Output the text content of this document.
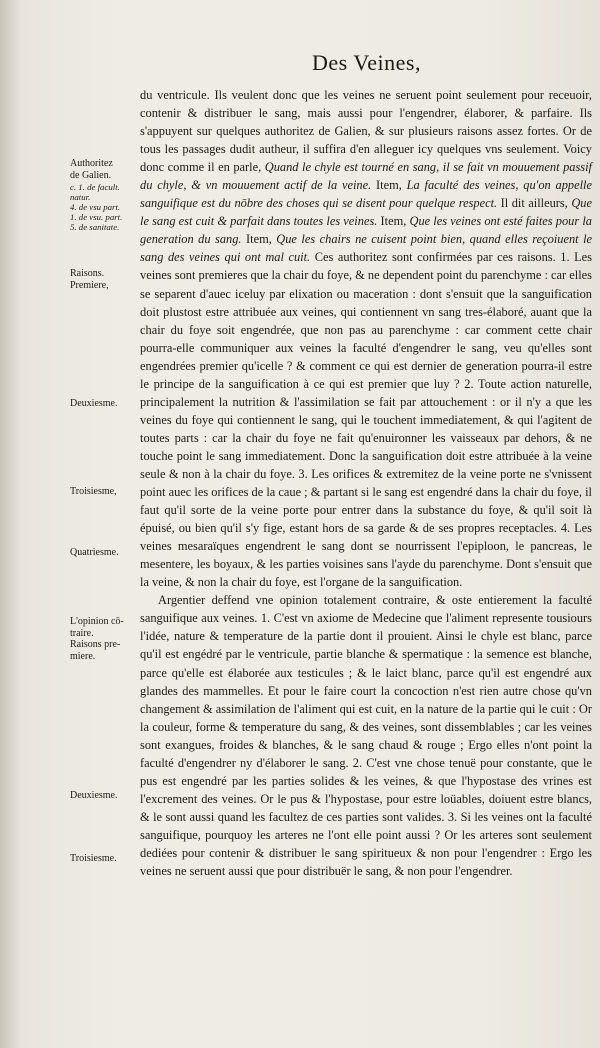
Des Veines,
Authoritez
de Galien.
c. 1. de facult.
natur.
4. de vsu part.
1. de vsu. part.
5. de sanitate.
Raisons.
Premiere,
Deuxiesme.
Troisiesme,
Quatriesme.
L'opinion cō-
traire.
Raisons pre-
miere.
Deuxiesme.
Troisiesme.

du ventricule. Ils veulent donc que les veines ne seruent point seulement pour receuoir, contenir & distribuer le sang, mais aussi pour l'engendrer, élaborer, & parfaire. Ils s'appuyent sur quelques authoritez de Galien, & sur plusieurs raisons assez fortes. Or de tous les passages dudit autheur, il suffira d'en alleguer icy quelques vns seulement. Voicy donc comme il en parle, Quand le chyle est tourné en sang, il se fait vn mouuement passif du chyle, & vn mouuement actif de la veine. Item, La faculté des veines, qu'on appelle sanguifique est du nōbre des choses qui se disent pour quelque respect. Il dit ailleurs, Que le sang est cuit & parfait dans toutes les veines. Item, Que les veines ont esté faites pour la generation du sang. Item, Que les chairs ne cuisent point bien, quand elles reçoiuent le sang des veines qui ont mal cuit. Ces authoritez sont confirmées par ces raisons. 1. Les veines sont premieres que la chair du foye, & ne dependent point du parenchyme : car elles se separent d'auec iceluy par elixation ou maceration : dont s'ensuit que la sanguification doit plustost estre attribuée aux veines, qui contiennent vn sang tres-élaboré, auant que la chair du foye soit engendrée, que non pas au parenchyme : car comment cette chair pourra-elle communiquer aux veines la faculté d'engendrer le sang, veu qu'elles sont engendrées premier qu'icelle ? & comment ce qui est dernier de generation pourra-il estre le principe de la sanguification à ce qui est premier que luy ? 2. Toute action naturelle, principalement la nutrition & l'assimilation se fait par attouchement : or il n'y a que les veines du foye qui contiennent le sang, qui le touchent immediatement, & qui l'agitent de toutes parts : car la chair du foye ne fait qu'enuironner les vaisseaux par dehors, & ne touche point le sang immediatement. Donc la sanguification doit estre attribuée à la veine seule & non à la chair du foye. 3. Les orifices & extremitez de la veine porte ne s'vnissent point auec les orifices de la caue ; & partant si le sang est engendré dans la chair du foye, il faut qu'il sorte de la veine porte pour entrer dans la substance du foye, & qu'il soit là épuisé, ou bien qu'il s'y fige, estant hors de sa garde & de ses propres receptacles. 4. Les veines mesaraïques engendrent le sang dont se nourrissent l'epiploon, le pancreas, le mesentere, les boyaux, & les parties voisines sans l'ayde du parenchyme. Dont s'ensuit que la veine, & non la chair du foye, est l'organe de la sanguification.

Argentier deffend vne opinion totalement contraire, & oste entierement la faculté sanguifique aux veines. 1. C'est vn axiome de Medecine que l'aliment represente tousiours l'idée, nature & temperature de la partie dont il prouient. Ainsi le chyle est blanc, parce qu'il est engédré par le ventricule, partie blanche & spermatique : la semence est blanche, parce qu'elle est élaborée aux testicules ; & le laict blanc, parce qu'il est engendré aux glandes des mammelles. Et pour le faire court la concoction n'est rien autre chose qu'vn changement & assimilation de l'aliment qui est cuit, en la nature de la partie qui le cuit : Or la couleur, forme & temperature du sang, & des veines, sont dissemblables ; car les veines sont exangues, froides & blanches, & le sang chaud & rouge ; Ergo elles n'ont point la faculté d'engendrer ny d'élaborer le sang. 2. C'est vne chose tenuë pour constante, que le pus est engendré par les parties solides & les veines, & que l'hypostase des vrines est l'excrement des veines. Or le pus & l'hypostase, pour estre loüables, doiuent estre blancs, & le sont aussi quand les facultez de ces parties sont valides. 3. Si les veines ont la faculté sanguifique, pourquoy les arteres ne l'ont elle point aussi ? Or les arteres sont seulement dediées pour contenir & distribuer le sang spiritueux & non pour l'engendrer : Ergo les veines ne seruent aussi que pour distribuër le sang, & non pour l'engendrer.
